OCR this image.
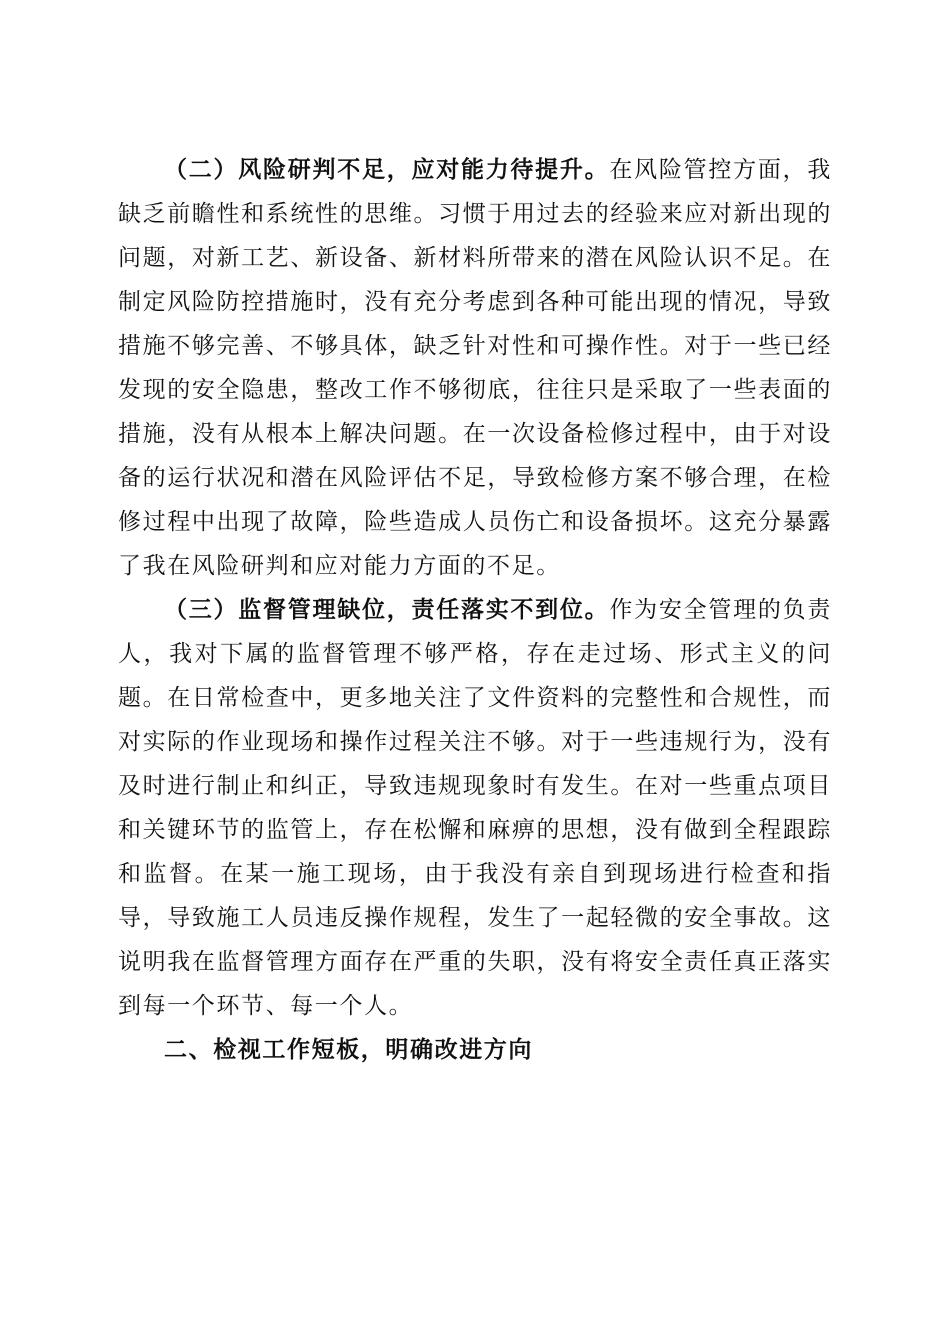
（二）风险研判不足，应对能力待提升。在风险管控方面，我缺乏前瞻性和系统性的思维。习惯于用过去的经验来应对新出现的问题，对新工艺、新设备、新材料所带来的潜在风险认识不足。在制定风险防控措施时，没有充分考虑到各种可能出现的情况，导致措施不够完善、不够具体，缺乏针对性和可操作性。对于一些已经发现的安全隐患，整改工作不够彻底，往往只是采取了一些表面的措施，没有从根本上解决问题。在一次设备检修过程中，由于对设备的运行状况和潜在风险评估不足，导致检修方案不够合理，在检修过程中出现了故障，险些造成人员伤亡和设备损坏。这充分暴露了我在风险研判和应对能力方面的不足。

（三）监督管理缺位，责任落实不到位。作为安全管理的负责人，我对下属的监督管理不够严格，存在走过场、形式主义的问题。在日常检查中，更多地关注了文件资料的完整性和合规性，而对实际的作业现场和操作过程关注不够。对于一些违规行为，没有及时进行制止和纠正，导致违规现象时有发生。在对一些重点项目和关键环节的监管上，存在松懈和麻痹的思想，没有做到全程跟踪和监督。在某一施工现场，由于我没有亲自到现场进行检查和指导，导致施工人员违反操作规程，发生了一起轻微的安全事故。这说明我在监督管理方面存在严重的失职，没有将安全责任真正落实到每一个环节、每一个人。

二、检视工作短板，明确改进方向
